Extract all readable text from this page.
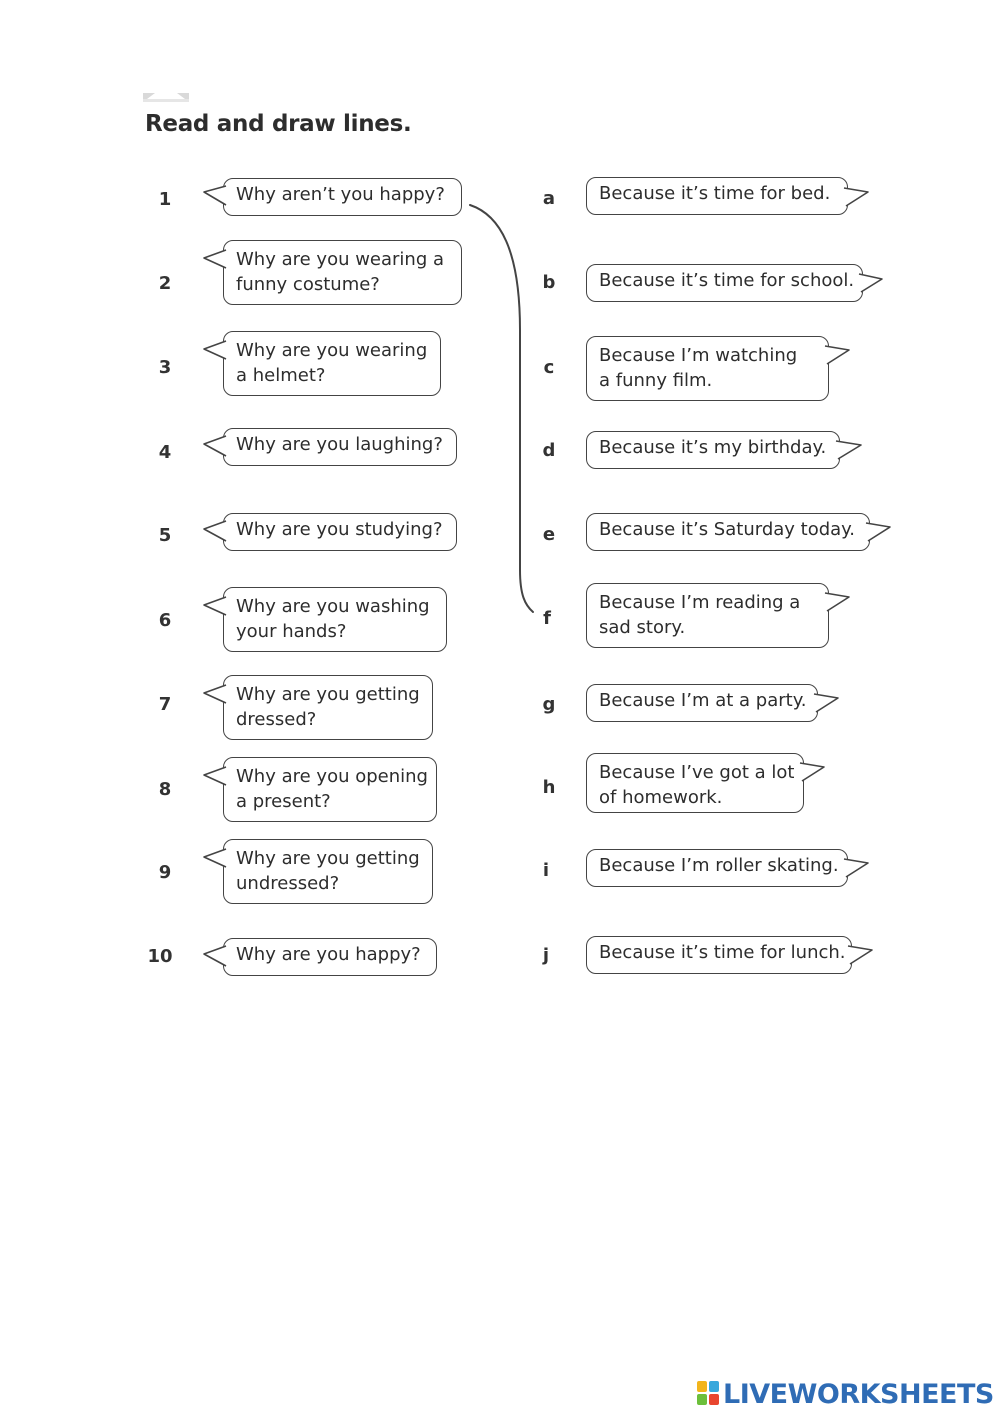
Read and draw lines.
1
2
3
4
5
6
7
8
9
10
Why aren’t you happy?
Why are you wearing a
funny costume?
Why are you wearing
a helmet?
Why are you laughing?
Why are you studying?
Why are you washing
your hands?
Why are you getting
dressed?
Why are you opening
a present?
Why are you getting
undressed?
Why are you happy?
a
b
c
d
e
f
g
h
i
j
Because it’s time for bed.
Because it’s time for school.
Because I’m watching
a funny film.
Because it’s my birthday.
Because it’s Saturday today.
Because I’m reading a
sad story.
Because I’m at a party.
Because I’ve got a lot
of homework.
Because I’m roller skating.
Because it’s time for lunch.
LIVEWORKSHEETS
